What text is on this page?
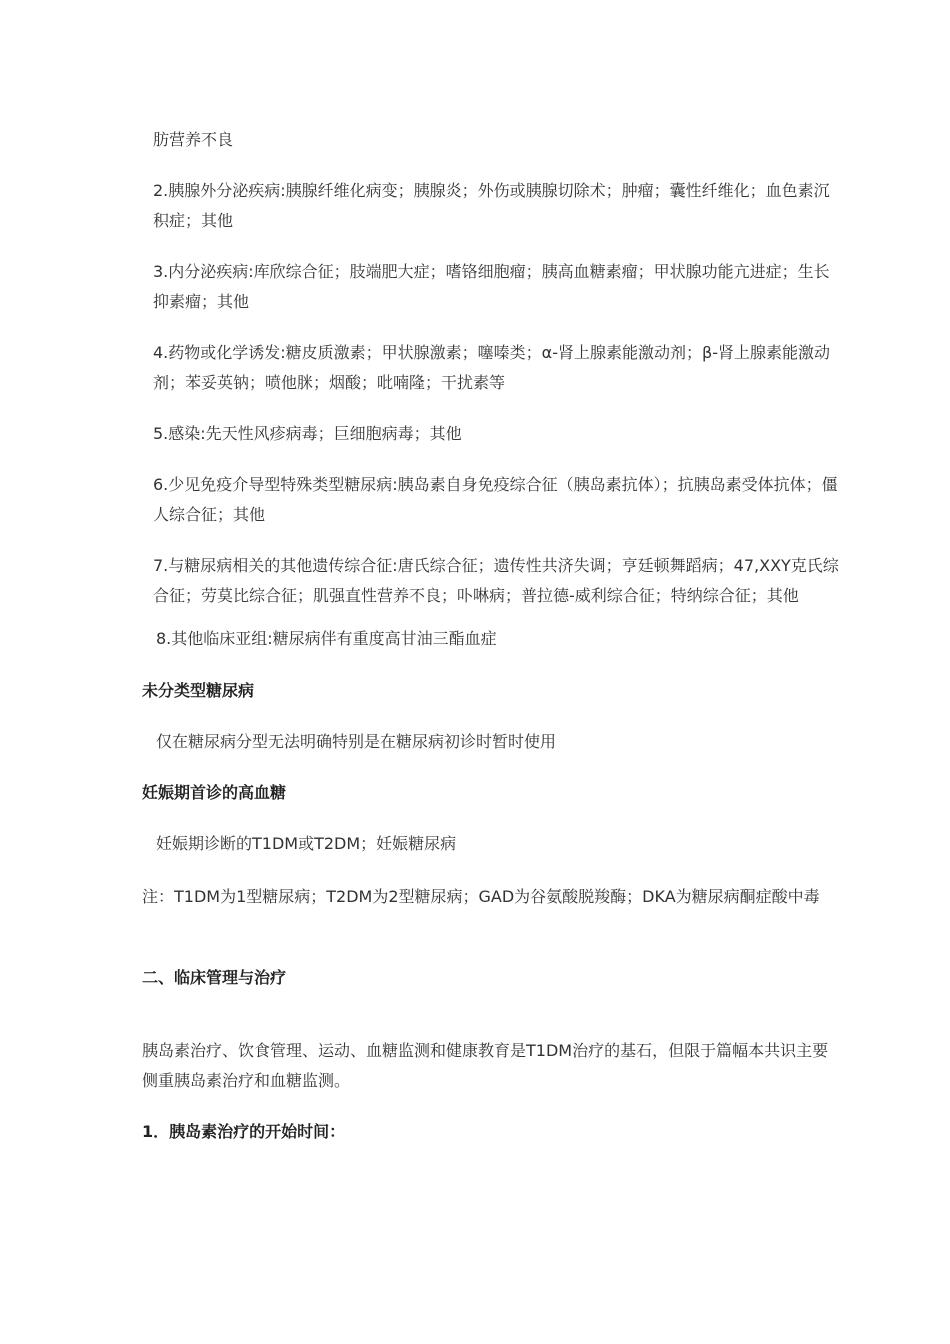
肪营养不良

2.胰腺外分泌疾病:胰腺纤维化病变；胰腺炎；外伤或胰腺切除术；肿瘤；囊性纤维化；血色素沉积症；其他

3.内分泌疾病:库欣综合征；肢端肥大症；嗜铬细胞瘤；胰高血糖素瘤；甲状腺功能亢进症；生长抑素瘤；其他

4.药物或化学诱发:糖皮质激素；甲状腺激素；噻嗪类；α-肾上腺素能激动剂；β-肾上腺素能激动剂；苯妥英钠；喷他脒；烟酸；吡喃隆；干扰素等

5.感染:先天性风疹病毒；巨细胞病毒；其他

6.少见免疫介导型特殊类型糖尿病:胰岛素自身免疫综合征（胰岛素抗体）；抗胰岛素受体抗体；僵人综合征；其他

7.与糖尿病相关的其他遗传综合征:唐氏综合征；遗传性共济失调；亨廷顿舞蹈病；47,XXY克氏综合征；劳莫比综合征；肌强直性营养不良；卟啉病；普拉德-威利综合征；特纳综合征；其他

8.其他临床亚组:糖尿病伴有重度高甘油三酯血症

未分类型糖尿病

仅在糖尿病分型无法明确特别是在糖尿病初诊时暂时使用

妊娠期首诊的高血糖

妊娠期诊断的T1DM或T2DM；妊娠糖尿病

注：T1DM为1型糖尿病；T2DM为2型糖尿病；GAD为谷氨酸脱羧酶；DKA为糖尿病酮症酸中毒

二、临床管理与治疗

胰岛素治疗、饮食管理、运动、血糖监测和健康教育是T1DM治疗的基石，但限于篇幅本共识主要侧重胰岛素治疗和血糖监测。

1．胰岛素治疗的开始时间：
